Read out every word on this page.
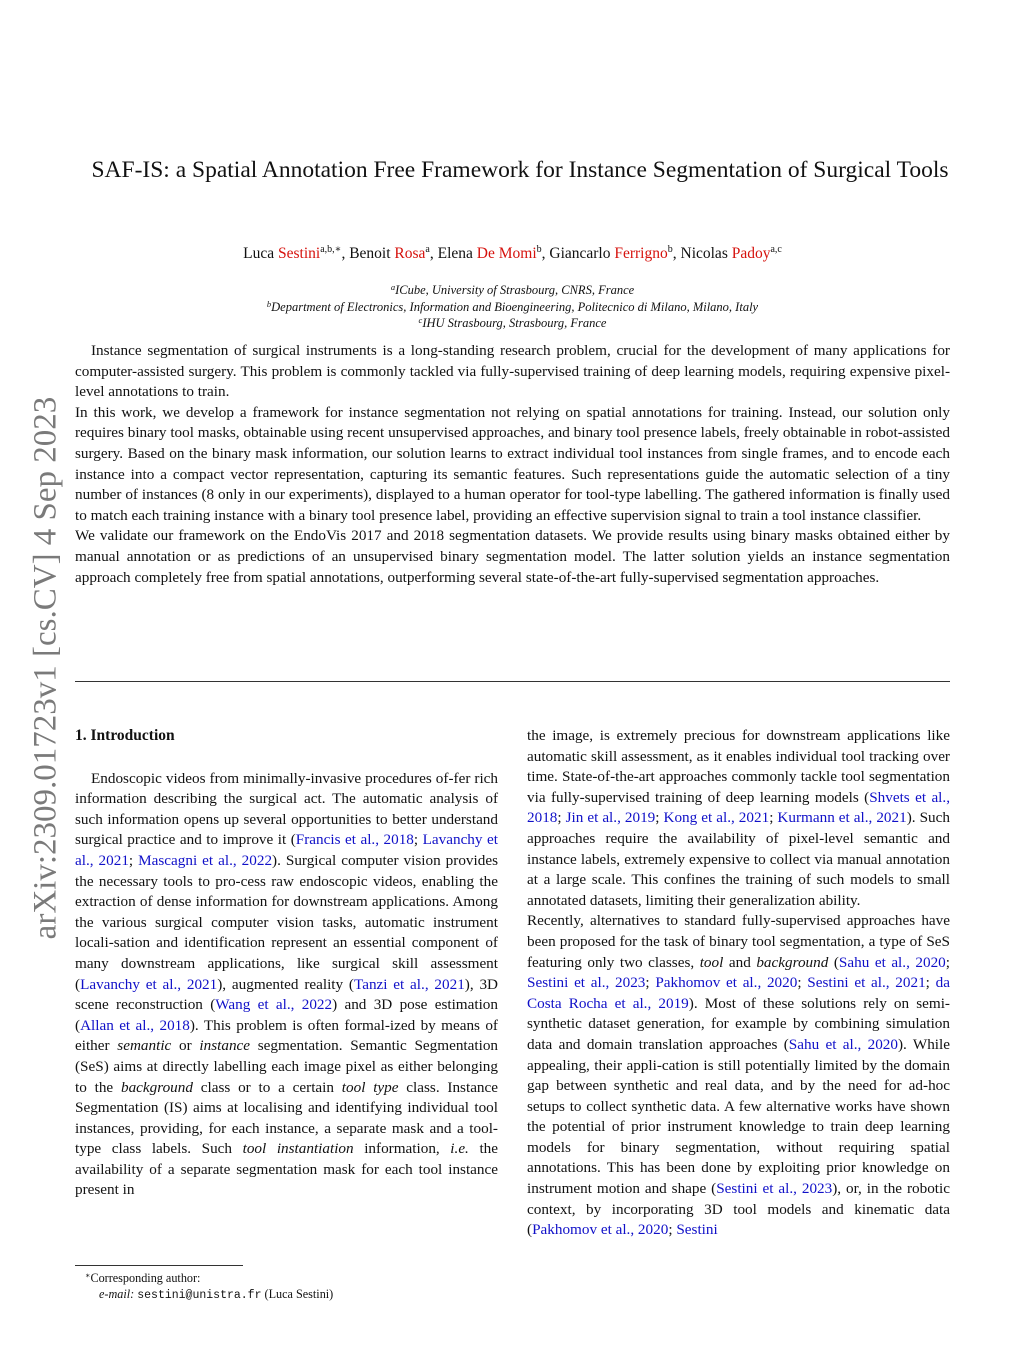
arXiv:2309.01723v1 [cs.CV] 4 Sep 2023
SAF-IS: a Spatial Annotation Free Framework for Instance Segmentation of Surgical Tools
Luca Sestini$^{a,b,∗}$, Benoit Rosa$^a$, Elena De Momi$^b$, Giancarlo Ferrigno$^b$, Nicolas Padoy$^{a,c}$
$^a$ICube, University of Strasbourg, CNRS, France
$^b$Department of Electronics, Information and Bioengineering, Politecnico di Milano, Milano, Italy
$^c$IHU Strasbourg, Strasbourg, France

Instance segmentation of surgical instruments is a long-standing research problem, crucial for the development of many applications for computer-assisted surgery. This problem is commonly tackled via fully-supervised training of deep learning models, requiring expensive pixel-level annotations to train.

In this work, we develop a framework for instance segmentation not relying on spatial annotations for training. Instead, our solution only requires binary tool masks, obtainable using recent unsupervised approaches, and binary tool presence labels, freely obtainable in robot-assisted surgery. Based on the binary mask information, our solution learns to extract individual tool instances from single frames, and to encode each instance into a compact vector representation, capturing its semantic features. Such representations guide the automatic selection of a tiny number of instances (8 only in our experiments), displayed to a human operator for tool-type labelling. The gathered information is finally used to match each training instance with a binary tool presence label, providing an effective supervision signal to train a tool instance classifier.

We validate our framework on the EndoVis 2017 and 2018 segmentation datasets. We provide results using binary masks obtained either by manual annotation or as predictions of an unsupervised binary segmentation model. The latter solution yields an instance segmentation approach completely free from spatial annotations, outperforming several state-of-the-art fully-supervised segmentation approaches.

1. Introduction

Endoscopic videos from minimally-invasive procedures of-fer rich information describing the surgical act. The automatic analysis of such information opens up several opportunities to better understand surgical practice and to improve it (Francis et al., 2018; Lavanchy et al., 2021; Mascagni et al., 2022). Surgical computer vision provides the necessary tools to pro-cess raw endoscopic videos, enabling the extraction of dense information for downstream applications. Among the various surgical computer vision tasks, automatic instrument locali-sation and identification represent an essential component of many downstream applications, like surgical skill assessment (Lavanchy et al., 2021), augmented reality (Tanzi et al., 2021), 3D scene reconstruction (Wang et al., 2022) and 3D pose estimation (Allan et al., 2018). This problem is often formal-ized by means of either semantic or instance segmentation. Semantic Segmentation (SeS) aims at directly labelling each image pixel as either belonging to the background class or to a certain tool type class. Instance Segmentation (IS) aims at localising and identifying individual tool instances, providing, for each instance, a separate mask and a tool-type class labels. Such tool instantiation information, i.e. the availability of a separate segmentation mask for each tool instance present in

the image, is extremely precious for downstream applications like automatic skill assessment, as it enables individual tool tracking over time. State-of-the-art approaches commonly tackle tool segmentation via fully-supervised training of deep learning models (Shvets et al., 2018; Jin et al., 2019; Kong et al., 2021; Kurmann et al., 2021). Such approaches require the availability of pixel-level semantic and instance labels, extremely expensive to collect via manual annotation at a large scale. This confines the training of such models to small annotated datasets, limiting their generalization ability.

Recently, alternatives to standard fully-supervised approaches have been proposed for the task of binary tool segmentation, a type of SeS featuring only two classes, tool and background (Sahu et al., 2020; Sestini et al., 2023; Pakhomov et al., 2020; Sestini et al., 2021; da Costa Rocha et al., 2019). Most of these solutions rely on semi-synthetic dataset generation, for example by combining simulation data and domain translation approaches (Sahu et al., 2020). While appealing, their appli-cation is still potentially limited by the domain gap between synthetic and real data, and by the need for ad-hoc setups to collect synthetic data. A few alternative works have shown the potential of prior instrument knowledge to train deep learning models for binary segmentation, without requiring spatial annotations. This has been done by exploiting prior knowledge on instrument motion and shape (Sestini et al., 2023), or, in the robotic context, by incorporating 3D tool models and kinematic data (Pakhomov et al., 2020; Sestini

∗Corresponding author:
e-mail: sestini@unistra.fr (Luca Sestini)
